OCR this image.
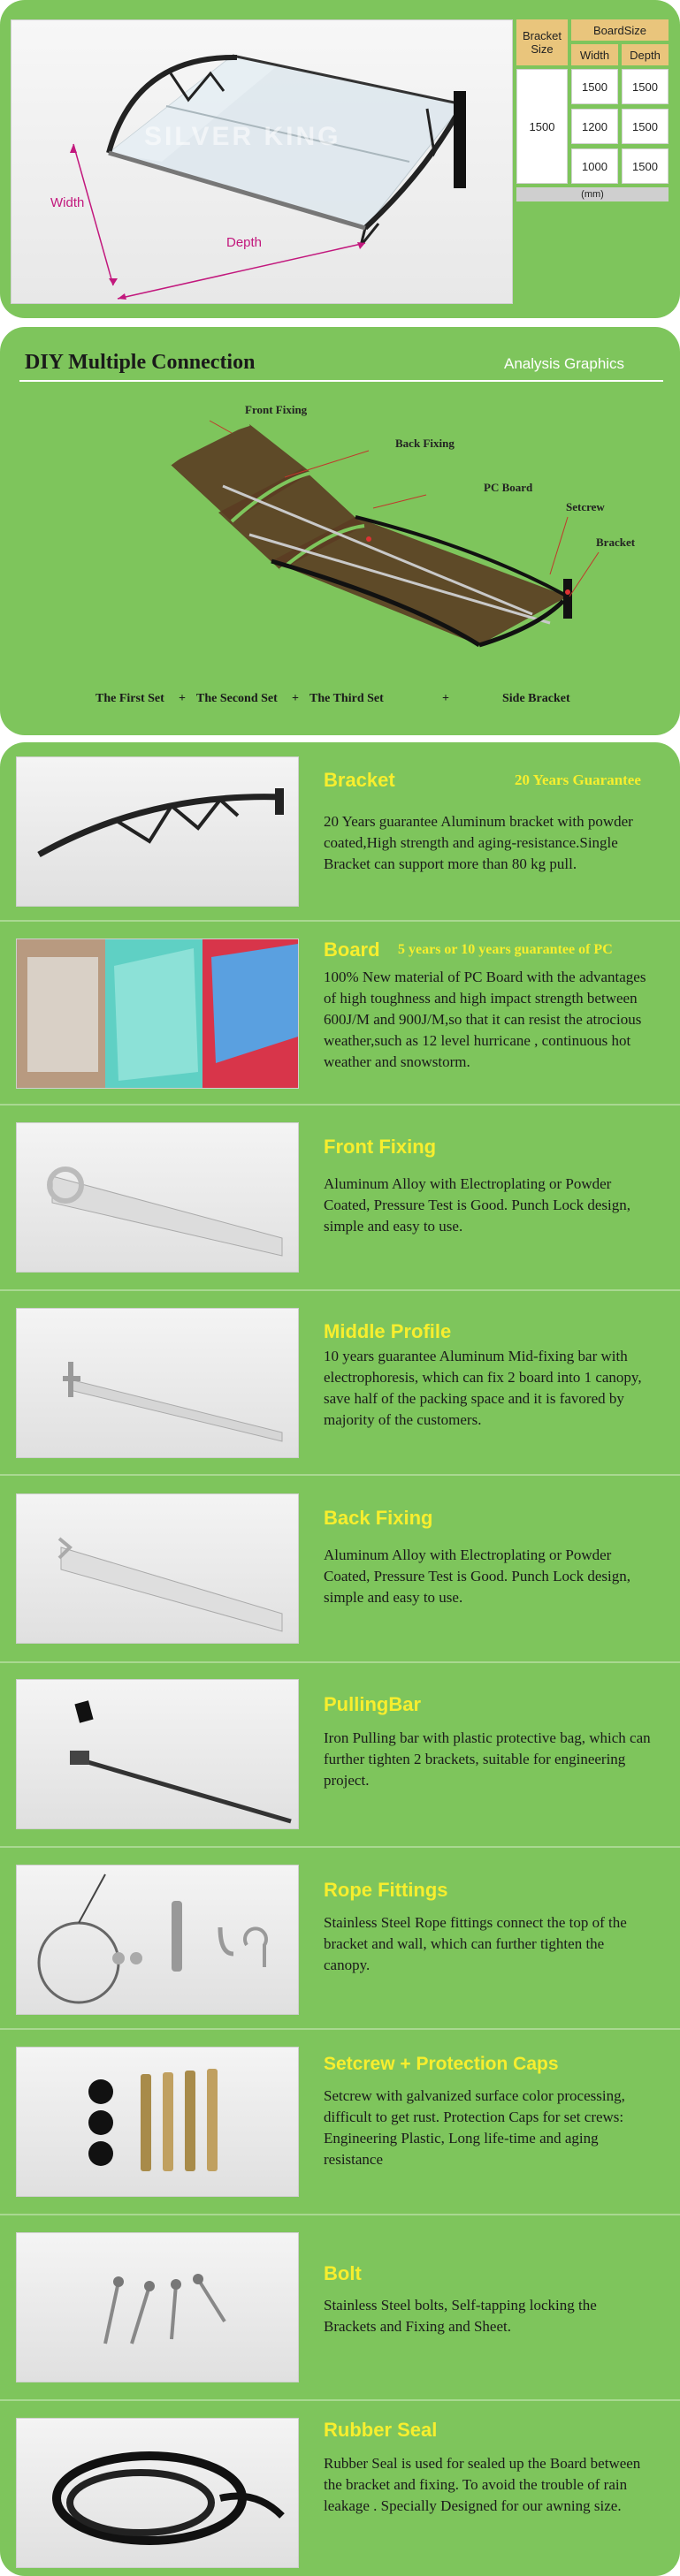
SILVER KING
Width
Depth
Bracket Size
BoardSize
Width	Depth
1500
1500	1500
1200	1500
1000	1500
(mm)
DIY Multiple Connection	Analysis Graphics
Front Fixing
Back Fixing
PC Board
Setcrew
Bracket
The First Set + The Second Set + The Third Set	+	Side Bracket
Bracket	20 Years Guarantee
20 Years guarantee Aluminum bracket with powder coated,High strength and aging-resistance.Single Bracket can support more than 80 kg pull.
Board 5 years or 10 years guarantee of PC
100% New material of PC Board with the advantages of high toughness and high impact strength between 600J/M and 900J/M,so that it can resist the atrocious weather,such as 12 level hurricane , continuous hot weather and snowstorm.
Front Fixing
Aluminum Alloy with Electroplating or Powder Coated, Pressure Test is Good. Punch Lock design, simple and easy to use.
Middle Profile
10 years guarantee Aluminum Mid-fixing bar with electrophoresis, which can fix 2 board into 1 canopy, save half of the packing space and it is favored by majority of the customers.
Back Fixing
Aluminum Alloy with Electroplating or Powder Coated, Pressure Test is Good. Punch Lock design, simple and easy to use.
PullingBar
Iron Pulling bar with plastic protective bag, which can further tighten 2 brackets, suitable for engineering project.
Rope Fittings
Stainless Steel Rope fittings connect the top of the bracket and wall, which can further tighten the canopy.
Setcrew + Protection Caps
Setcrew with galvanized surface color processing, difficult to get rust. Protection Caps for set crews: Engineering Plastic, Long life-time and aging resistance
Bolt
Stainless Steel bolts, Self-tapping locking the Brackets and Fixing and Sheet.
Rubber Seal
Rubber Seal is used for sealed up the Board between the bracket and fixing. To avoid the trouble of rain leakage . Specially Designed for our awning size.
